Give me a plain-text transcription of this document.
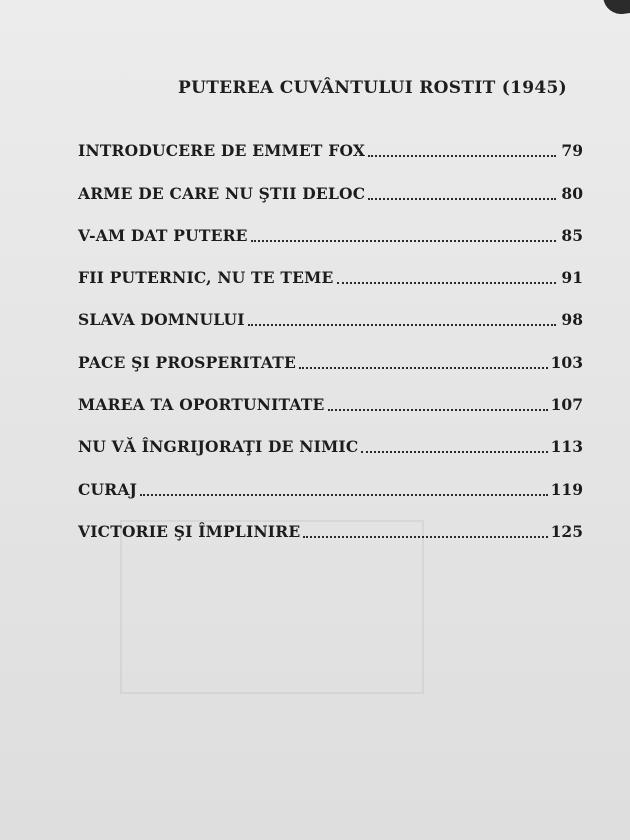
PUTEREA CUVÂNTULUI ROSTIT (1945)
INTRODUCERE DE EMMET FOX	79
ARME DE CARE NU ŞTII DELOC	80
V-AM DAT PUTERE	85
FII PUTERNIC, NU TE TEME	91
SLAVA DOMNULUI	98
PACE ŞI PROSPERITATE	103
MAREA TA OPORTUNITATE	107
NU VĂ ÎNGRIJORAŢI DE NIMIC	113
CURAJ	119
VICTORIE ŞI ÎMPLINIRE	125
